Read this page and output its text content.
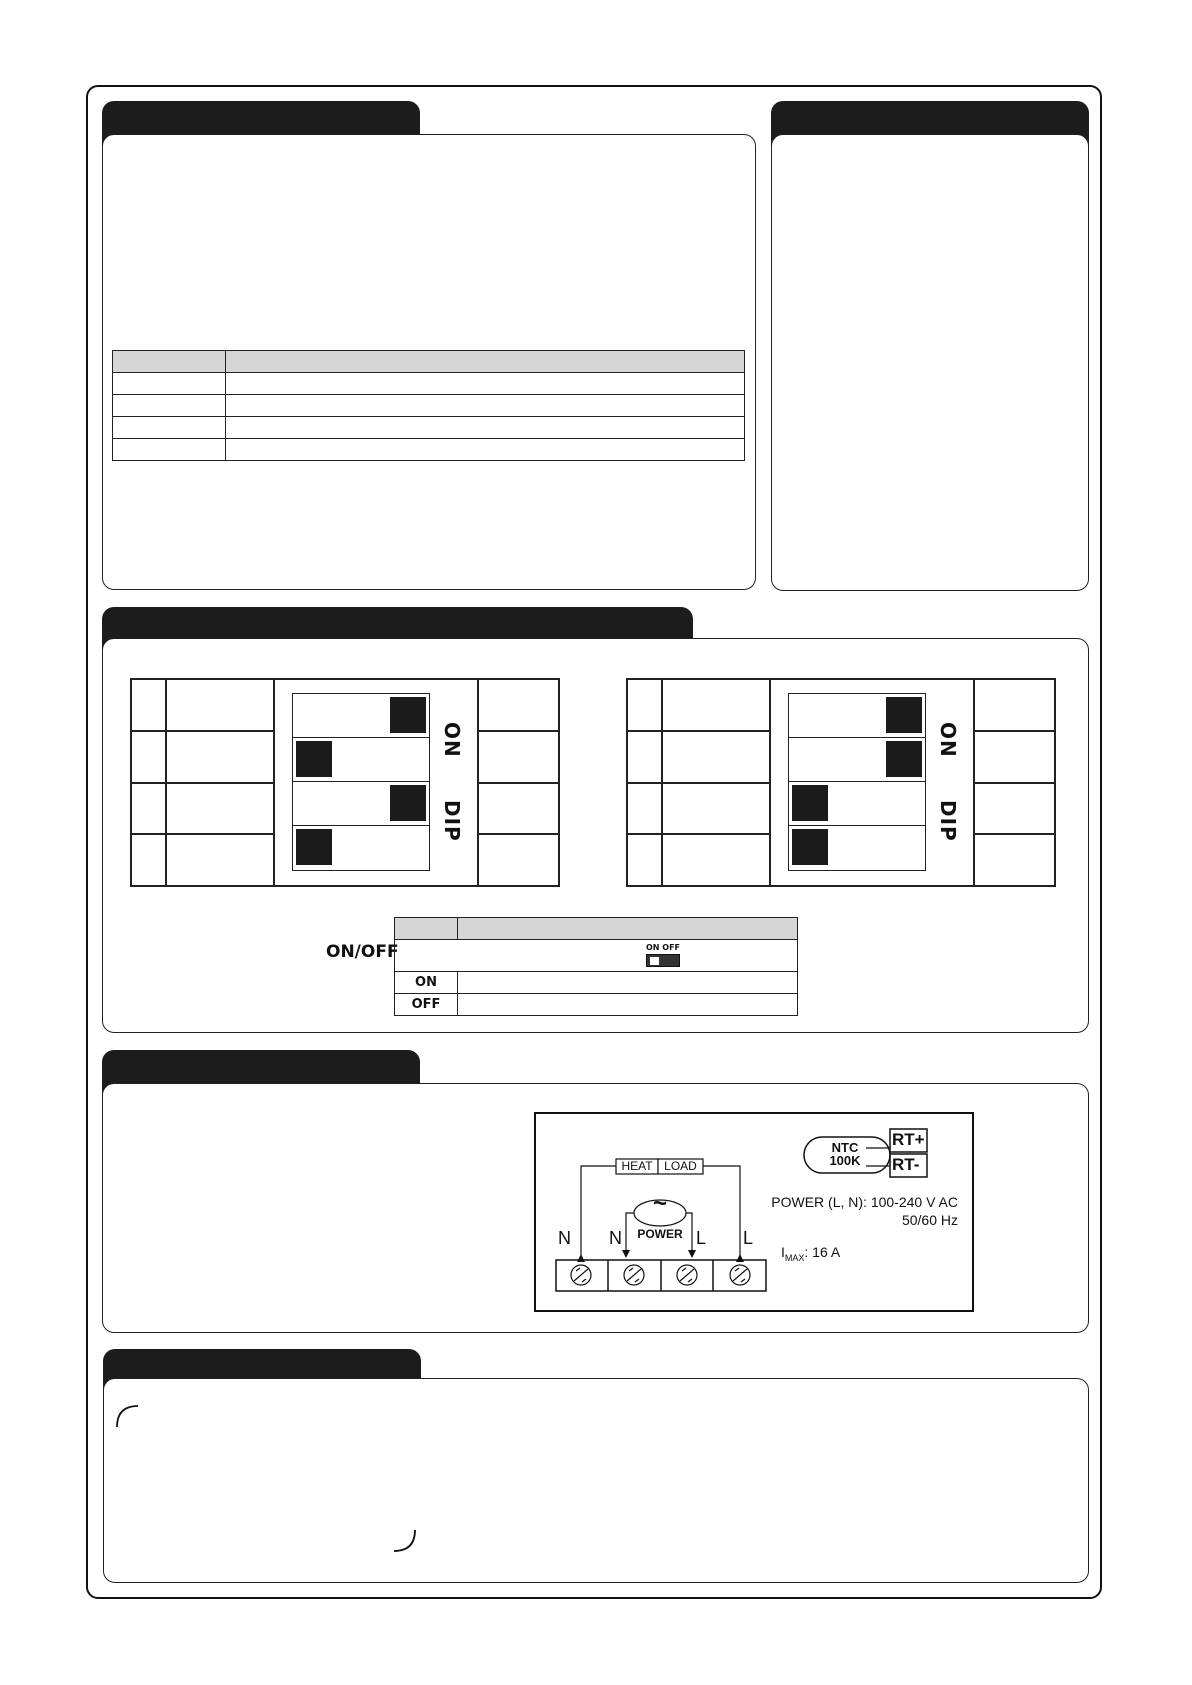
ON
DIP

ON
DIP
ON/OFF
		ON OFF	

ON	
OFF	
NTC
100K
RT+
RT-
HEAT LOAD
~
POWER
N N	L L
POWER (L, N): 100-240 V AC
50/60 Hz
$I_{MAX}$: 16 A
